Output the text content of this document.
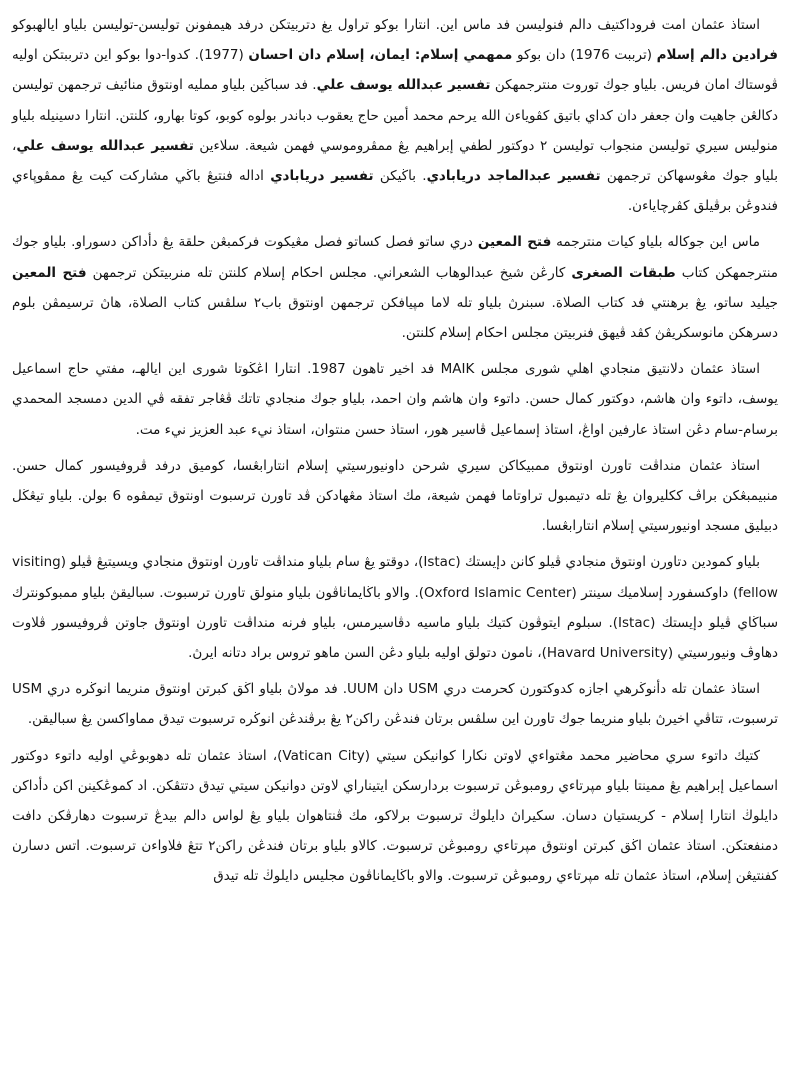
استاذ عثمان امت فروداكتيف دالم فنوليسن فد ماس اين. انتارا بوكو تراول يغ دتربيتكن درفد هيمفونن توليسن-توليسن بلياو ايالهبوكو فرادين دالم إسلام (ترببت 1976) دان بوكو ممهمي إسلام: ايمان، إسلام دان احسان (1977). كدوا-دوا بوكو اين دترببتكن اوليه ڤوستاك امان فريس. بلياو جوك توروت منترجمهكن تفسير عبدالله يوسف علي. فد سباڬين بلياو ممليه اونتوق منائيف ترجمهن توليسن دكالڠن جاهيت وان جعفر دان كداي باتيق كڤوياءن الله يرحم محمد أمين حاج يعقوب دباندر بولوه كوبو، كوتا بهارو، كلنتن. انتارا دسينيله بلياو منوليس سيري توليسن منجواب توليسن ٢ دوكتور لطفي إبراهيم يڠ ممڤروموسي فهمن شيعة. سلاءين تفسير عبدالله يوسف علي، بلياو جوك مڠوسهاكن ترجمهن تفسير عبدالماجد دريابادي. باڬيكن تفسير دريابادي اداله فنتيڠ باڬي مشاركت كيت يڠ ممڤوڽاءي فندوڠن برڤيلق كڤرچاياءن.

ماس اين جوكاله بلياو كيات منترجمه فتح المعين دري ساتو فصل كساتو فصل مڠيكوت فركمبڠن حلقة يڠ دأداكن دسوراو. بلياو جوك منترجمهكن كتاب طبقات الصغرى كارڠن شيخ عبدالوهاب الشعراني. مجلس احكام إسلام كلنتن تله منربيتكن ترجمهن فتح المعين جيليد ساتو، يڠ برهنتي فد كتاب الصلاة. سبنرڽ بلياو تله لاما مڽيافكن ترجمهن اونتوق باب٢ سلڤس كتاب الصلاة، هاڽ ترسيمڤن بلوم دسرهكن مانوسكريڤڽ كڤد ڤيهق فنربيتن مجلس احكام إسلام كلنتن.

استاذ عثمان دلانتيق منجادي اهلي شورى مجلس MAIK فد اخير تاهون 1987. انتارا اڠڬوتا شورى اين ايالهـ، مفتي حاج اسماعيل يوسف، داتوء وان هاشم، دوكتور كمال حسن. داتوء وان هاشم وان احمد، بلياو جوك منجادي تاتك ڤڠاجر تفقه ڤي الدين دمسجد المحمدي برسام-سام دڠن استاذ عارفين اواڠ، استاذ إسماعيل ڤاسير هور، استاذ حسن منتوان، استاذ نيء عبد العزيز نيء مت.

استاذ عثمان منداڤت تاورن اونتوق ممبيكاكن سيري شرحن داونيورسيتي إسلام انتارابڠسا، كوميق درفد ڤروفيسور كمال حسن. منبيمبڠكن براڤ ككليروان يڠ تله دتيمبول تراوتاما فهمن شيعة، مك استاذ مڠهادكن ڤد تاورن ترسبوت اونتوق تيمڤوه 6 بولن. بلياو تيڠڬل دبيليق مسجد اونيورسيتي إسلام انتارابڠسا.

بلياو كمودين دتاورن اونتوق منجادي ڤيلو كانن دإيستك (Istac)، دوقتو يڠ سام بلياو منداڤت تاورن اونتوق منجادي ويسيتيڠ ڤيلو (visiting fellow) داوكسفورد إسلاميك سينتر (Oxford Islamic Center). والاو باڬايماناڤون بلياو منولق تاورن ترسبوت. سباليقڽ بلياو ممبوكونترك سباڬاي ڤيلو دإيستك (Istac). سبلوم ايتوڤون كتيك بلياو ماسيه دڤاسيرمس، بلياو فرنه منداڤت تاورن اونتوق جاوتن ڤروفيسور ڤلاوت دهاوڤ ونيورسيتي (Havard University)، نامون دتولق اوليه بلياو دڠن السن ماهو تروس براد دتانه ايرڽ.

استاذ عثمان تله دأنوڬرهي اجازه كدوكتورن كحرمت دري USM دان UUM. فد مولاڽ بلياو اڬق كبرتن اونتوق منريما انوڬره دري USM ترسبوت، تتاڤي اخيرڽ بلياو منريما جوك تاورن اين سلڤس برتان فندڠن راكن٢ يڠ برڤندڠن انوڬره ترسبوت تيدق مماواكسن يڠ سباليقن.

كتيك داتوء سري محاضير محمد مڠتواءي لاوتن نكارا كوانيكن سيتي (Vatican City)، استاذ عثمان تله دهوبوڠي اوليه داتوء دوكتور اسماعيل إبراهيم يڠ ممينتا بلياو مپرتاءي رومبوڠن ترسبوت بردارسكن ايتيناراي لاوتن دوانيكن سيتي تيدق دتتڤكن. اد كموڠكينن اكن دأداكن دايلوڬ انتارا إسلام - كريستيان دسان. سكيراڽ دايلوڬ ترسبوت برلاكو، مك ڤنتاهوان بلياو يڠ لواس دالم بيدڠ ترسبوت دهارڤكن دافت دمنفعتكن. استاذ عثمان اڬق كبرتن اونتوق مپرتاءي رومبوڠن ترسبوت. كالاو بلياو برتان فندڠن راكن٢ تتڠ فلاواءن ترسبوت. اتس دسارن كفنتيڠن إسلام، استاذ عثمان تله مپرتاءي رومبوڠن ترسبوت. والاو باڬايماناڤون مجليس دايلوڬ تله تيدق
